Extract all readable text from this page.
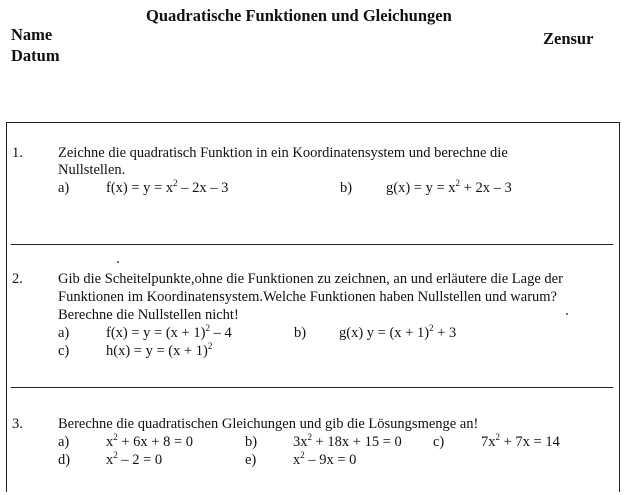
Quadratische Funktionen und Gleichungen
Name
Datum
Zensur
1. Zeichne die quadratisch Funktion in ein Koordinatensystem und berechne die
Nullstellen.
a)	$f(x) = y = x^2 - 2x - 3$	b) $g(x) = y = x^2 + 2x - 3$
2. Gib die Scheitelpunkte,ohne die Funktionen zu zeichnen, an und erläutere die Lage der
Funktionen im Koordinatensystem.Welche Funktionen haben Nullstellen und warum?
Berechne die Nullstellen nicht!
a)	$f(x) = y = (x + 1)^2 - 4$	b) g(x) $y = (x + 1)^2 + 3$
c)	$h(x) = y = (x + 1)^2$
3. Berechne die quadratischen Gleichungen und gib die Lösungsmenge an!
a)	$x^2 + 6x + 8 = 0$	b) $3x^2 + 18x + 15 = 0$ c)	$7x^2 + 7x = 14$
d) $x^2 - 2 = 0$	e)	$x^2 - 9x = 0$
